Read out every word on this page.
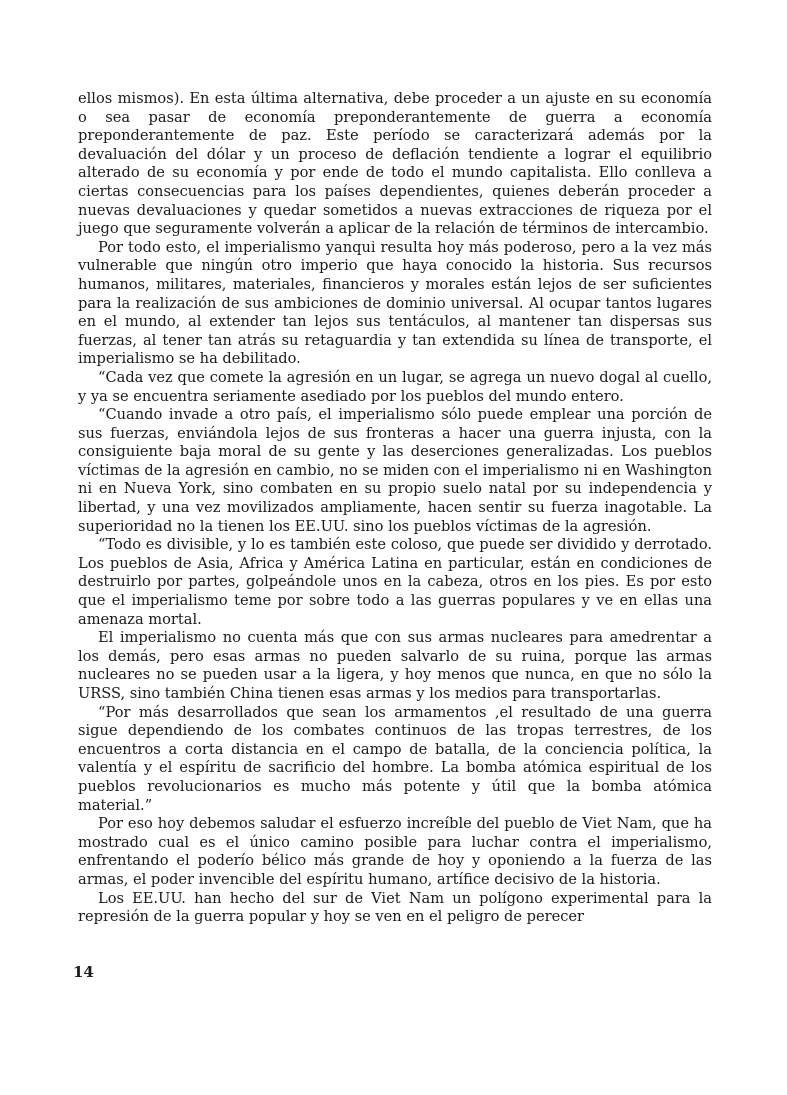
ellos mismos). En esta última alternativa, debe proceder a un ajuste en su economía o sea pasar de economía preponderantemente de guerra a economía preponderantemente de paz. Este período se caracterizará además por la devaluación del dólar y un proceso de deflación tendiente a lograr el equilibrio alterado de su economía y por ende de todo el mundo capitalista. Ello conlleva a ciertas consecuencias para los países dependientes, quienes deberán proceder a nuevas devaluaciones y quedar sometidos a nuevas extracciones de riqueza por el juego que seguramente volverán a aplicar de la relación de términos de intercambio.

Por todo esto, el imperialismo yanqui resulta hoy más poderoso, pero a la vez más vulnerable que ningún otro imperio que haya conocido la historia. Sus recursos humanos, militares, materiales, financieros y morales están lejos de ser suficientes para la realización de sus ambiciones de dominio universal. Al ocupar tantos lugares en el mundo, al extender tan lejos sus tentáculos, al mantener tan dispersas sus fuerzas, al tener tan atrás su retaguardia y tan extendida su línea de transporte, el imperialismo se ha debilitado.

“Cada vez que comete la agresión en un lugar, se agrega un nuevo dogal al cuello, y ya se encuentra seriamente asediado por los pueblos del mundo entero.

“Cuando invade a otro país, el imperialismo sólo puede emplear una porción de sus fuerzas, enviándola lejos de sus fronteras a hacer una guerra injusta, con la consiguiente baja moral de su gente y las deserciones generalizadas. Los pueblos víctimas de la agresión en cambio, no se miden con el imperialismo ni en Washington ni en Nueva York, sino combaten en su propio suelo natal por su independencia y libertad, y una vez movilizados ampliamente, hacen sentir su fuerza inagotable. La superioridad no la tienen los EE.UU. sino los pueblos víctimas de la agresión.

“Todo es divisible, y lo es también este coloso, que puede ser dividido y derrotado. Los pueblos de Asia, Africa y América Latina en particular, están en condiciones de destruirlo por partes, golpeándole unos en la cabeza, otros en los pies. Es por esto que el imperialismo teme por sobre todo a las guerras populares y ve en ellas una amenaza mortal.

El imperialismo no cuenta más que con sus armas nucleares para amedrentar a los demás, pero esas armas no pueden salvarlo de su ruina, porque las armas nucleares no se pueden usar a la ligera, y hoy menos que nunca, en que no sólo la URSS, sino también China tienen esas armas y los medios para transportarlas.

“Por más desarrollados que sean los armamentos ,el resultado de una guerra sigue dependiendo de los combates continuos de las tropas terrestres, de los encuentros a corta distancia en el campo de batalla, de la conciencia política, la valentía y el espíritu de sacrificio del hombre. La bomba atómica espiritual de los pueblos revolucionarios es mucho más potente y útil que la bomba atómica material.”

Por eso hoy debemos saludar el esfuerzo increíble del pueblo de Viet Nam, que ha mostrado cual es el único camino posible para luchar contra el imperialismo, enfrentando el poderío bélico más grande de hoy y oponiendo a la fuerza de las armas, el poder invencible del espíritu humano, artífice decisivo de la historia.

Los EE.UU. han hecho del sur de Viet Nam un polígono experimental para la represión de la guerra popular y hoy se ven en el peligro de perecer

14
